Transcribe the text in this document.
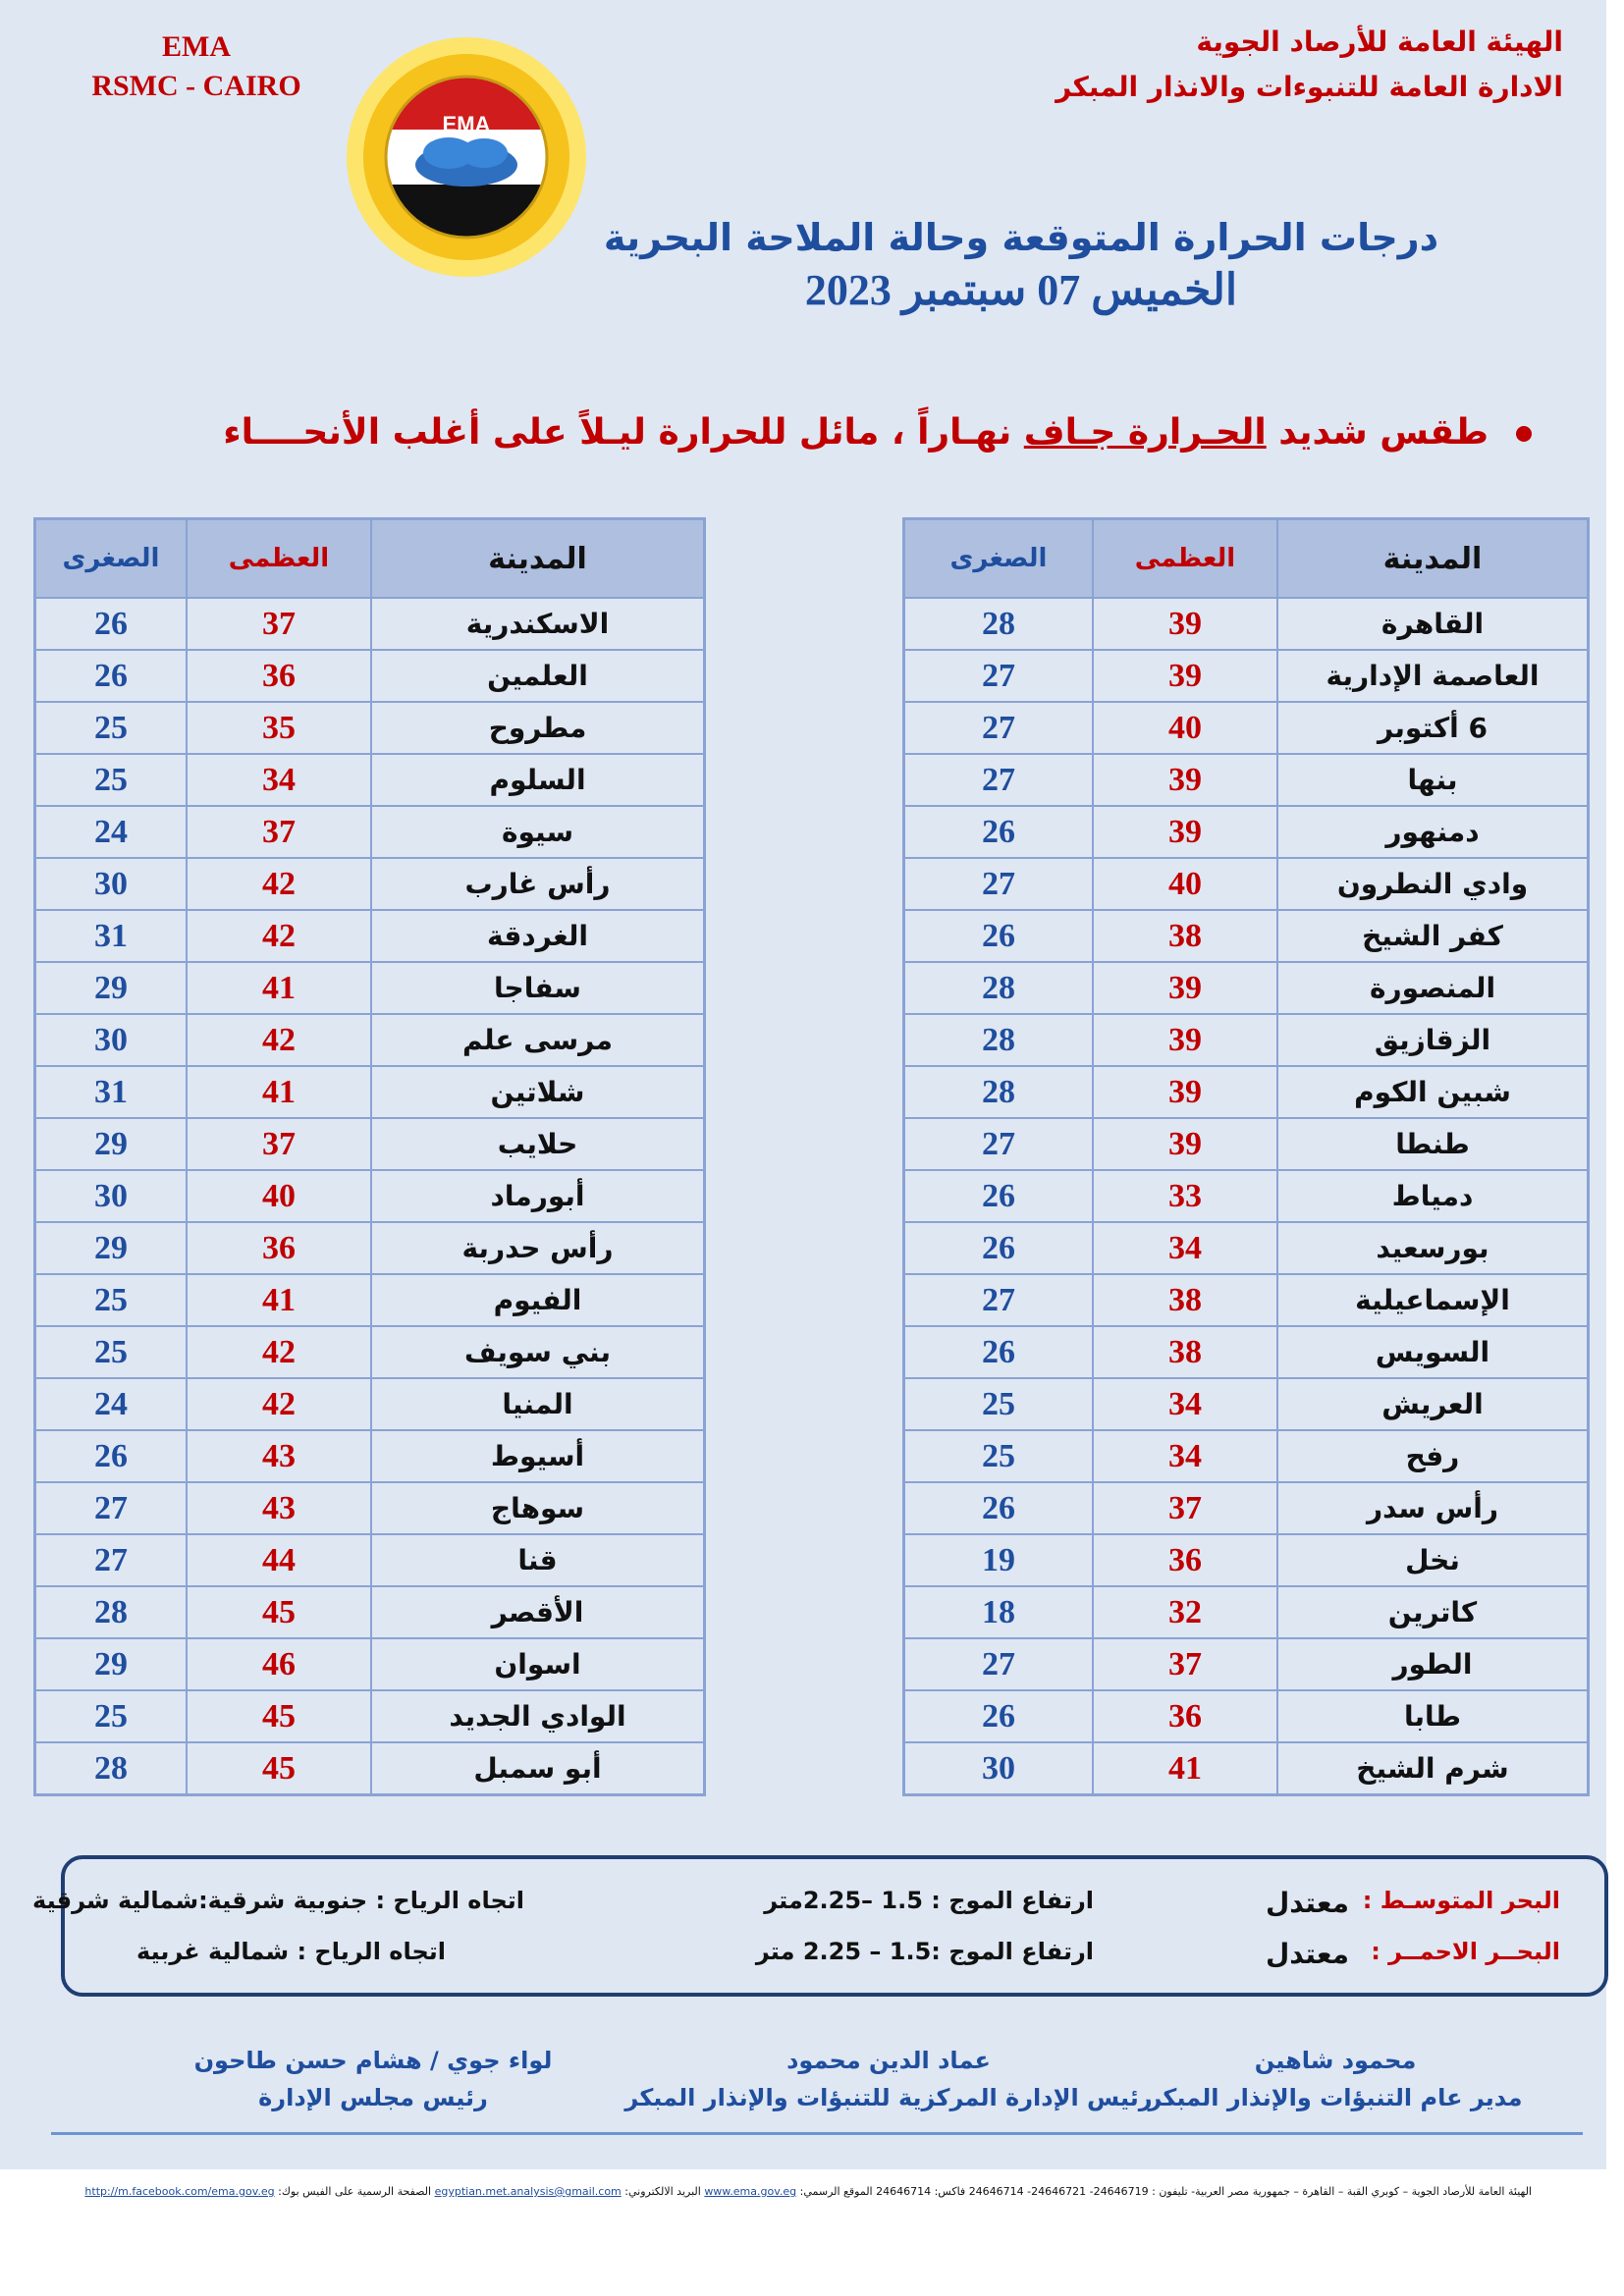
EMA
RSMC - CAIRO
EMA
الهيئة العامة للأرصاد الجوية
الادارة العامة للتنبوءات والانذار المبكر
درجات الحرارة المتوقعة وحالة الملاحة البحرية
الخميس 07 سبتمبر 2023
طقس شديد الحـرارة جـاف نهـاراً ، مائل للحرارة ليـلاً على أغلب الأنحــــاء
الصغرى	العظمى	المدينة
28	39	القاهرة
27	39	العاصمة الإدارية
27	40	6 أكتوبر
27	39	بنها
26	39	دمنهور
27	40	وادي النطرون
26	38	كفر الشيخ
28	39	المنصورة
28	39	الزقازيق
28	39	شبين الكوم
27	39	طنطا
26	33	دمياط
26	34	بورسعيد
27	38	الإسماعيلية
26	38	السويس
25	34	العريش
25	34	رفح
26	37	رأس سدر
19	36	نخل
18	32	كاترين
27	37	الطور
26	36	طابا
30	41	شرم الشيخ
الصغرى	العظمى	المدينة
26	37	الاسكندرية
26	36	العلمين
25	35	مطروح
25	34	السلوم
24	37	سيوة
30	42	رأس غارب
31	42	الغردقة
29	41	سفاجا
30	42	مرسى علم
31	41	شلاتين
29	37	حلايب
30	40	أبورماد
29	36	رأس حدربة
25	41	الفيوم
25	42	بني سويف
24	42	المنيا
26	43	أسيوط
27	43	سوهاج
27	44	قنا
28	45	الأقصر
29	46	اسوان
25	45	الوادي الجديد
28	45	أبو سمبل
البحر المتوسـط :
معتدل
ارتفاع الموج : 1.5 –2.25متر
اتجاه الرياح : جنوبية شرقية:شمالية شرقية
البحــر الاحمــر :
معتدل
ارتفاع الموج :1.5 – 2.25 متر
اتجاه الرياح : شمالية غربية
محمود شاهين
مدير عام التنبؤات والإنذار المبكر
عماد الدين محمود
رئيس الإدارة المركزية للتنبؤات والإنذار المبكر
لواء جوي / هشام حسن طاحون
رئيس مجلس الإدارة
الهيئة العامة للأرصاد الجوية – كوبري القبة – القاهرة – جمهورية مصر العربية- تليفون : 24646719- 24646721- 24646714 فاكس: 24646714 الموقع الرسمي: www.ema.gov.eg البريد الالكتروني: egyptian.met.analysis@gmail.com الصفحة الرسمية على الفيس بوك: http://m.facebook.com/ema.gov.eg
